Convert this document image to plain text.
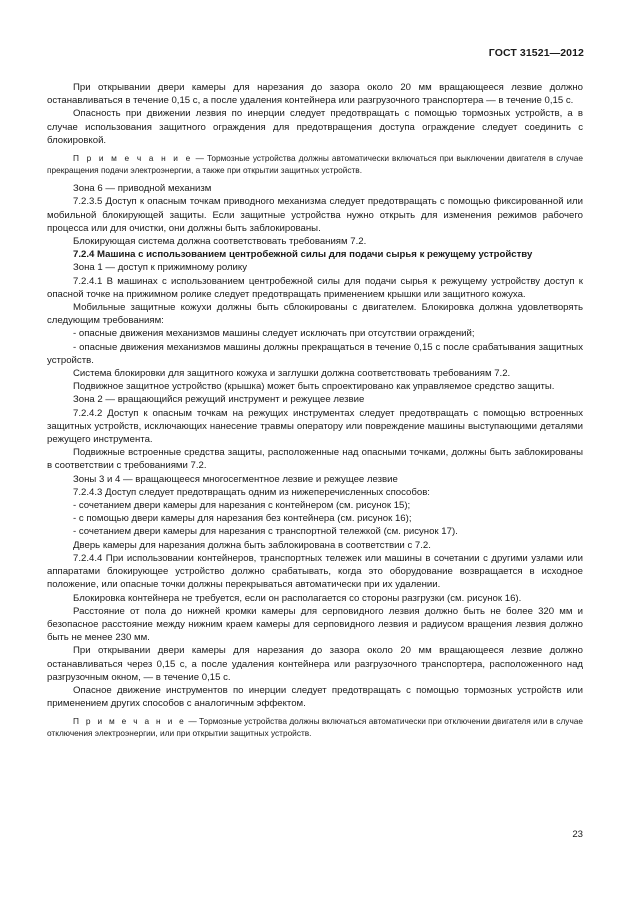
ГОСТ 31521—2012

При открывании двери камеры для нарезания до зазора около 20 мм вращающееся лезвие должно останавливаться в течение 0,15 с, а после удаления контейнера или разгрузочного транспортера — в течение 0,15 с.

Опасность при движении лезвия по инерции следует предотвращать с помощью тормозных устройств, а в случае использования защитного ограждения для предотвращения доступа ограждение следует соединить с блокировкой.

П р и м е ч а н и е — Тормозные устройства должны автоматически включаться при выключении двигателя в случае прекращения подачи электроэнергии, а также при открытии защитных устройств.

Зона 6 — приводной механизм

7.2.3.5 Доступ к опасным точкам приводного механизма следует предотвращать с помощью фиксированной или мобильной блокирующей защиты. Если защитные устройства нужно открыть для изменения режимов рабочего процесса или для очистки, они должны быть заблокированы.

Блокирующая система должна соответствовать требованиям 7.2.

7.2.4 Машина с использованием центробежной силы для подачи сырья к режущему устройству

Зона 1 — доступ к прижимному ролику

7.2.4.1 В машинах с использованием центробежной силы для подачи сырья к режущему устройству доступ к опасной точке на прижимном ролике следует предотвращать применением крышки или защитного кожуха.

Мобильные защитные кожухи должны быть сблокированы с двигателем. Блокировка должна удовлетворять следующим требованиям:

- опасные движения механизмов машины следует исключать при отсутствии ограждений;

- опасные движения механизмов машины должны прекращаться в течение 0,15 с после срабатывания защитных устройств.

Система блокировки для защитного кожуха и заглушки должна соответствовать требованиям 7.2.

Подвижное защитное устройство (крышка) может быть спроектировано как управляемое средство защиты.

Зона 2 — вращающийся режущий инструмент и режущее лезвие

7.2.4.2 Доступ к опасным точкам на режущих инструментах следует предотвращать с помощью встроенных защитных устройств, исключающих нанесение травмы оператору или повреждение машины выступающими деталями режущего инструмента.

Подвижные встроенные средства защиты, расположенные над опасными точками, должны быть заблокированы в соответствии с требованиями 7.2.

Зоны 3 и 4 — вращающееся многосегментное лезвие и режущее лезвие

7.2.4.3 Доступ следует предотвращать одним из нижеперечисленных способов:

- сочетанием двери камеры для нарезания с контейнером (см. рисунок 15);

- с помощью двери камеры для нарезания без контейнера (см. рисунок 16);

- сочетанием двери камеры для нарезания с транспортной тележкой (см. рисунок 17).

Дверь камеры для нарезания должна быть заблокирована в соответствии с 7.2.

7.2.4.4 При использовании контейнеров, транспортных тележек или машины в сочетании с другими узлами или аппаратами блокирующее устройство должно срабатывать, когда это оборудование возвращается в исходное положение, или опасные точки должны перекрываться автоматически при их удалении.

Блокировка контейнера не требуется, если он располагается со стороны разгрузки (см. рисунок 16).

Расстояние от пола до нижней кромки камеры для серповидного лезвия должно быть не более 320 мм и безопасное расстояние между нижним краем камеры для серповидного лезвия и радиусом вращения лезвия должно быть не менее 230 мм.

При открывании двери камеры для нарезания до зазора около 20 мм вращающееся лезвие должно останавливаться через 0,15 с, а после удаления контейнера или разгрузочного транспортера, расположенного над разгрузочным окном, — в течение 0,15 с.

Опасное движение инструментов по инерции следует предотвращать с помощью тормозных устройств или применением других способов с аналогичным эффектом.

П р и м е ч а н и е — Тормозные устройства должны включаться автоматически при отключении двигателя или в случае отключения электроэнергии, или при открытии защитных устройств.

23
